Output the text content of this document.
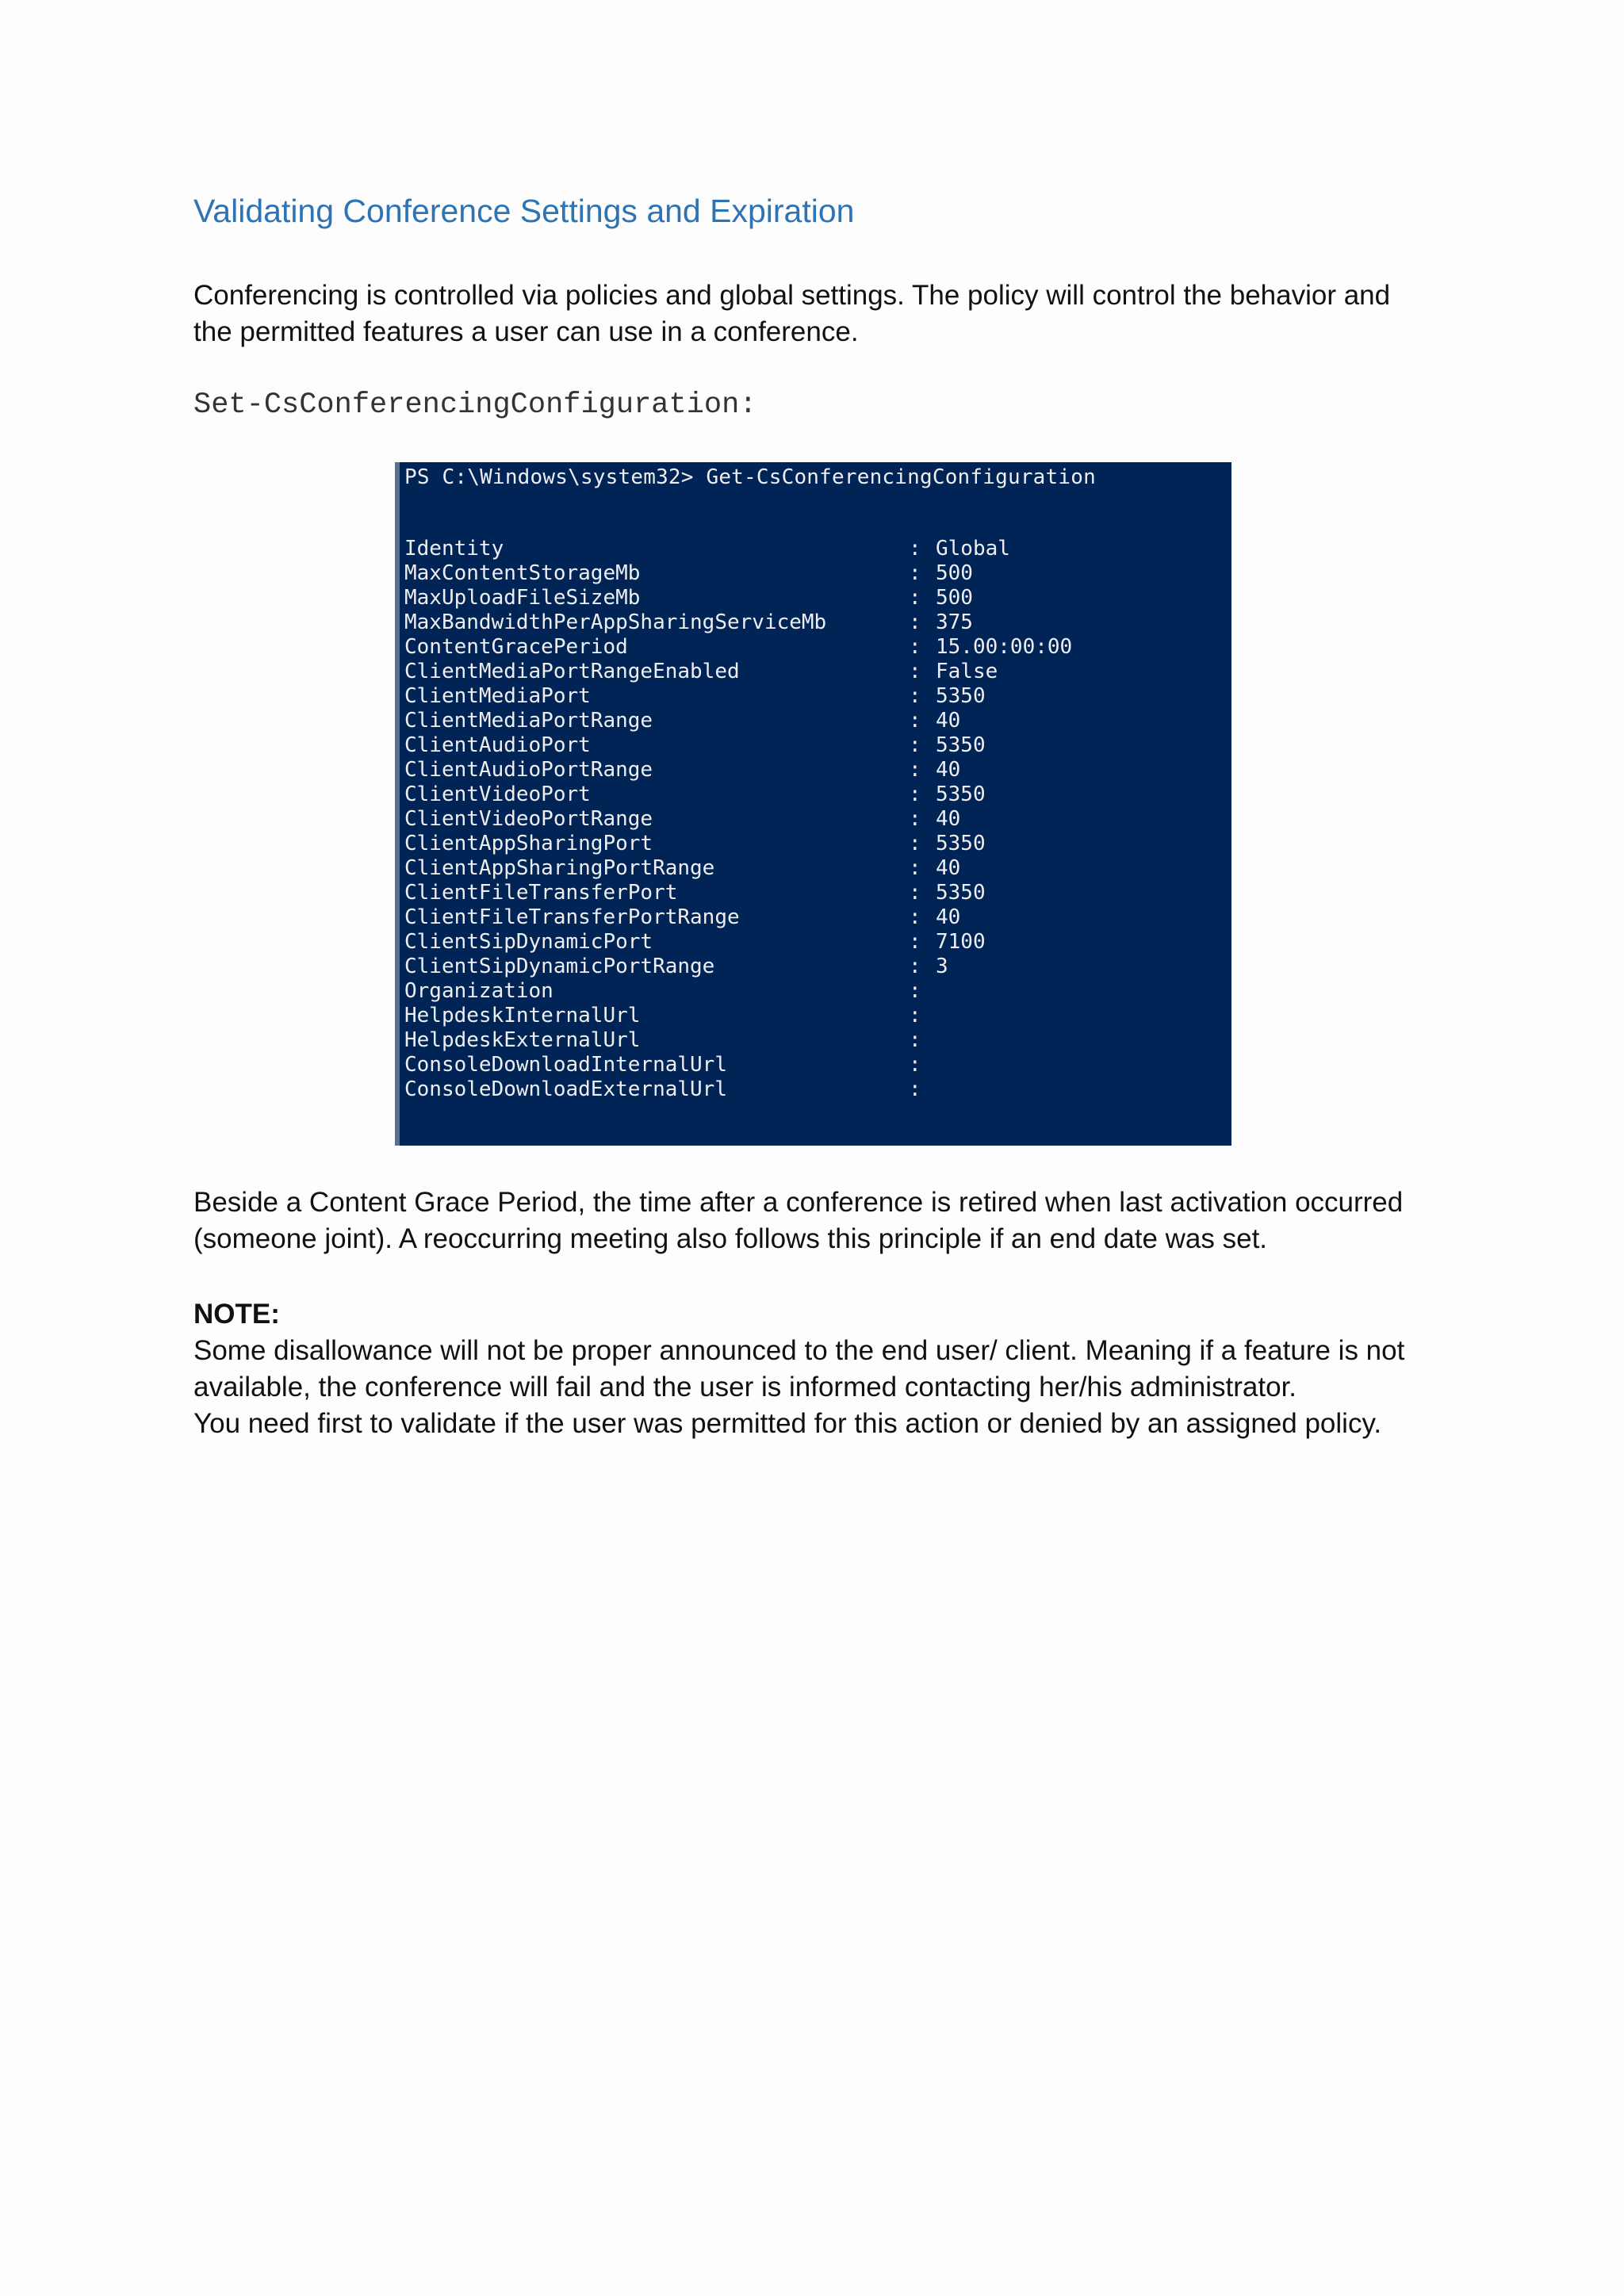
Validating Conference Settings and Expiration

Conferencing is controlled via policies and global settings. The policy will control the behavior and
the permitted features a user can use in a conference.

Set-CsConferencingConfiguration:
PS C:\Windows\system32> Get-CsConferencingConfiguration
Identity	: Global
MaxContentStorageMb	: 500
MaxUploadFileSizeMb	: 500
MaxBandwidthPerAppSharingServiceMb	: 375
ContentGracePeriod	: 15.00:00:00
ClientMediaPortRangeEnabled	: False
ClientMediaPort	: 5350
ClientMediaPortRange	: 40
ClientAudioPort	: 5350
ClientAudioPortRange	: 40
ClientVideoPort	: 5350
ClientVideoPortRange	: 40
ClientAppSharingPort	: 5350
ClientAppSharingPortRange	: 40
ClientFileTransferPort	: 5350
ClientFileTransferPortRange	: 40
ClientSipDynamicPort	: 7100
ClientSipDynamicPortRange	: 3
Organization	:
HelpdeskInternalUrl	:
HelpdeskExternalUrl	:
ConsoleDownloadInternalUrl	:
ConsoleDownloadExternalUrl	:

Beside a Content Grace Period, the time after a conference is retired when last activation occurred
(someone joint). A reoccurring meeting also follows this principle if an end date was set.

NOTE:

Some disallowance will not be proper announced to the end user/ client. Meaning if a feature is not
available, the conference will fail and the user is informed contacting her/his administrator.
You need first to validate if the user was permitted for this action or denied by an assigned policy.
